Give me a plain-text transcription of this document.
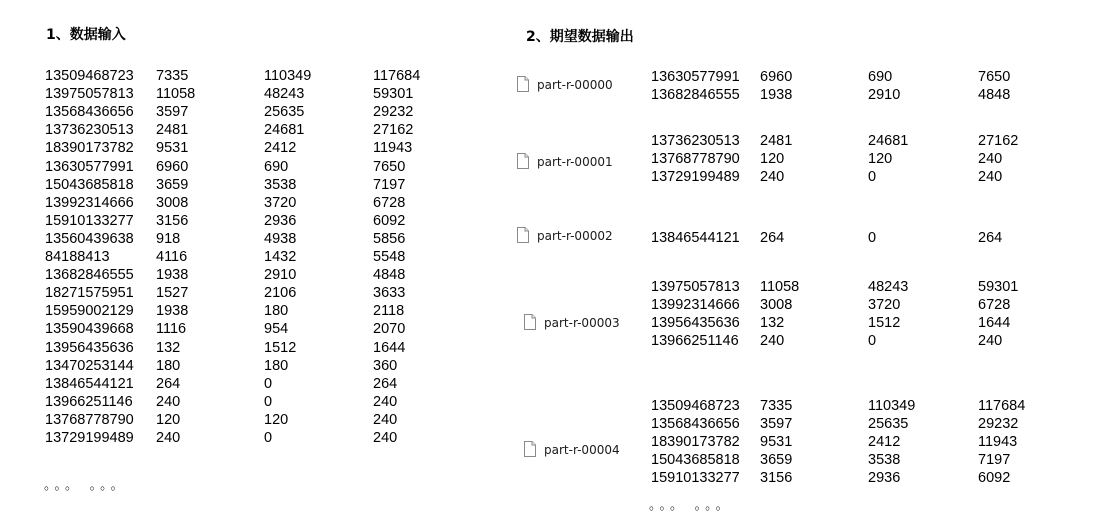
1、数据输入
13509468723 7335	110349	117684
13975057813 11058	48243	59301
13568436656 3597	25635	29232
13736230513 2481	24681	27162
18390173782 9531	2412	11943
13630577991 6960	690	7650
15043685818 3659	3538	7197
13992314666 3008	3720	6728
15910133277 3156	2936	6092
13560439638 918	4938	5856
84188413	4116	1432	5548
13682846555 1938	2910	4848
18271575951 1527	2106	3633
15959002129 1938	180	2118
13590439668 1116	954	2070
13956435636 132	1512	1644
13470253144 180	180	360
13846544121 264	0	264
13966251146 240	0	240
13768778790 120	120	240
13729199489 240	0	240
。。。 。。。
2、期望数据输出
part-r-00000	13630577991 6960	690	7650
13682846555 1938	2910	4848
part-r-00001
13736230513 2481	24681	27162
13768778790 120	120	240
13729199489 240	0	240
part-r-00002	13846544121 264	0	264
part-r-00003
13975057813 11058	48243	59301
13992314666 3008	3720	6728
13956435636 132	1512	1644
13966251146 240	0	240
part-r-00004
13509468723 7335	110349	117684
13568436656 3597	25635	29232
18390173782 9531	2412	11943
15043685818 3659	3538	7197
15910133277 3156	2936	6092
。。。 。。。
